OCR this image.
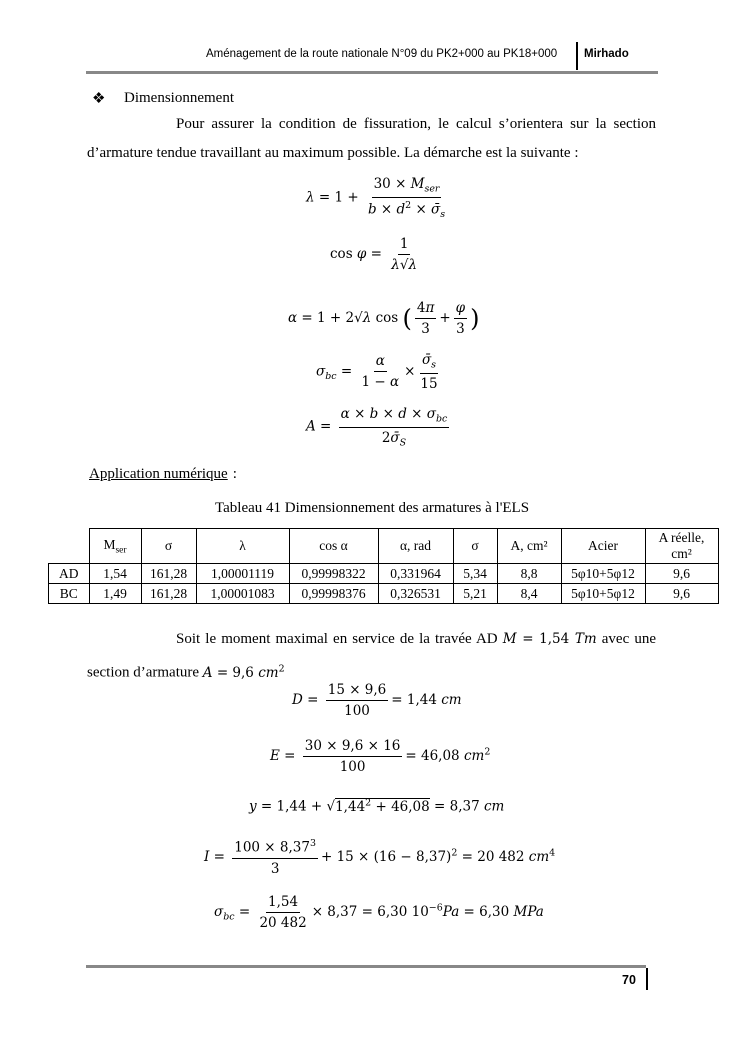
Aménagement de la route nationale N°09 du PK2+000 au PK18+000 Mirhado
❖ Dimensionnement
Pour assurer la condition de fissuration, le calcul s’orientera sur la section d’armature tendue travaillant au maximum possible. La démarche est la suivante :
$\lambda = 1 + \frac{30 \times M_{ser}}{b \times d^2 \times \sigmā_s}$
$\cos \varphi = \frac{1}{\lambda√\lambda}$
α = 1 + 2√λ cos ( $\frac{4\pi}{3} + \frac{\varphi}{3}$ )
$\sigma_{bc} = \frac{\alpha}{1 - \alpha} \times \frac{\sigmā_s}{15}$
$A = \frac{\alpha \times b \times d \times \sigma_{bc}}{2\sigmā_S}$
Application numérique :
Tableau 41 Dimensionnement des armatures à l'ELS
	$M_{ser}$	σ	λ	cos α	α, rad	σ	A, cm²	Acier	A réelle, cm²
AD	1,54	161,28	1,00001119	0,99998322	0,331964	5,34	8,8	5φ10+5φ12	9,6
BC	1,49	161,28	1,00001083	0,99998376	0,326531	5,21	8,4	5φ10+5φ12	9,6
Soit le moment maximal en service de la travée AD M = 1,54 Tm avec une section d’armature A = 9,6 $cm^2$
$D = \frac{15 \times 9,6}{100} = 1,44$ cm
$E = \frac{30 \times 9,6 \times 16}{100} = 46,08$ $cm^2$
$y = 1,44 + √1,44^2 + 46,08 = 8,37$ cm
$I = \frac{100 \times 8,37^3}{3} + 15 \times (16 - 8,37)^2 = 20$ 482 $cm^4$
$\sigma_{bc} = \frac{1,54}{20 482} \times 8,37 = 6,30$ $10^{-6}Pa = 6,30$ MPa
70
